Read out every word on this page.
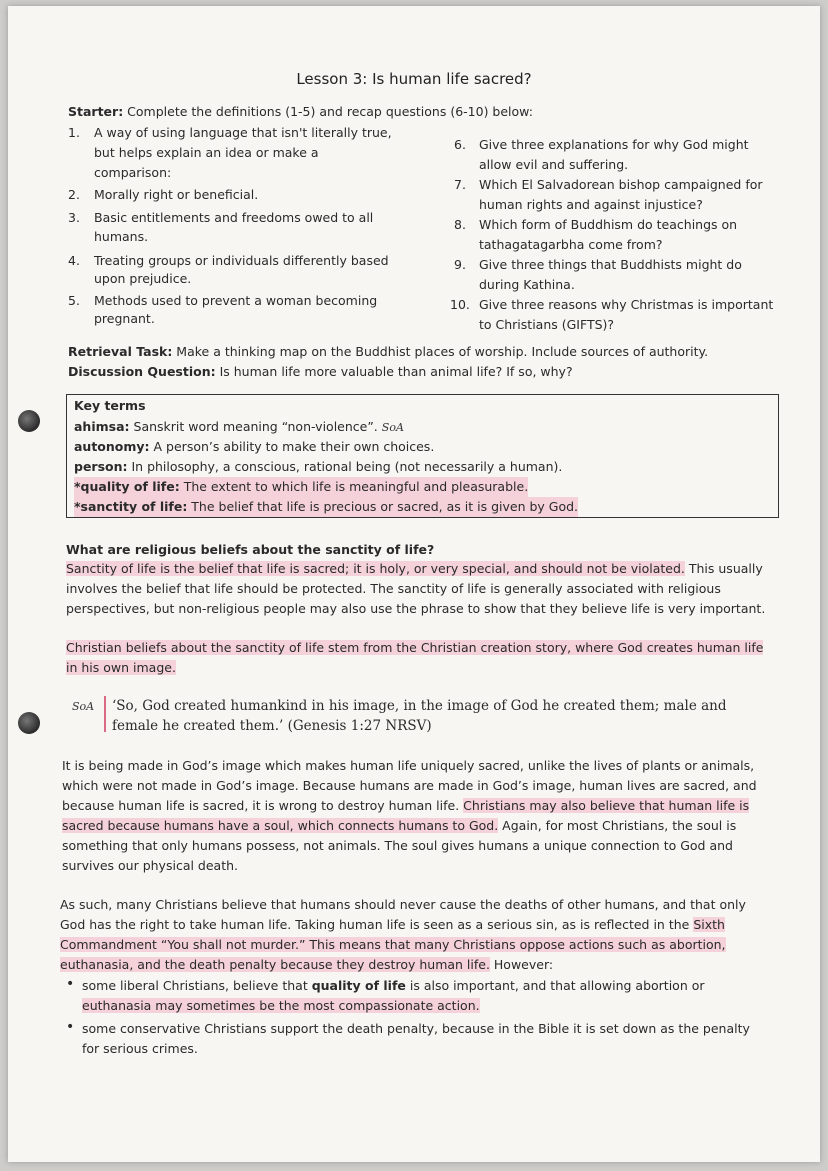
Lesson 3: Is human life sacred?
Starter: Complete the definitions (1-5) and recap questions (6-10) below:
1. A way of using language that isn't literally true,
but helps explain an idea or make a
comparison:
2. Morally right or beneficial.
3. Basic entitlements and freedoms owed to all
humans.
4. Treating groups or individuals differently based
upon prejudice.
5. Methods used to prevent a woman becoming
pregnant.
6. Give three explanations for why God might
allow evil and suffering.
7. Which El Salvadorean bishop campaigned for
human rights and against injustice?
8. Which form of Buddhism do teachings on
tathagatagarbha come from?
9. Give three things that Buddhists might do
during Kathina.
10. Give three reasons why Christmas is important
to Christians (GIFTS)?
Retrieval Task: Make a thinking map on the Buddhist places of worship. Include sources of authority.
Discussion Question: Is human life more valuable than animal life? If so, why?
Key terms
ahimsa: Sanskrit word meaning “non-violence”. SoA
autonomy: A person’s ability to make their own choices.
person: In philosophy, a conscious, rational being (not necessarily a human).
*quality of life: The extent to which life is meaningful and pleasurable.
*sanctity of life: The belief that life is precious or sacred, as it is given by God.
What are religious beliefs about the sanctity of life?
Sanctity of life is the belief that life is sacred; it is holy, or very special, and should not be violated. This usually
involves the belief that life should be protected. The sanctity of life is generally associated with religious
perspectives, but non-religious people may also use the phrase to show that they believe life is very important.
Christian beliefs about the sanctity of life stem from the Christian creation story, where God creates human life
in his own image.
SoA ‘So, God created humankind in his image, in the image of God he created them; male and
female he created them.’ (Genesis 1:27 NRSV)
It is being made in God’s image which makes human life uniquely sacred, unlike the lives of plants or animals,
which were not made in God’s image. Because humans are made in God’s image, human lives are sacred, and
because human life is sacred, it is wrong to destroy human life. Christians may also believe that human life is
sacred because humans have a soul, which connects humans to God. Again, for most Christians, the soul is
something that only humans possess, not animals. The soul gives humans a unique connection to God and
survives our physical death.
As such, many Christians believe that humans should never cause the deaths of other humans, and that only
God has the right to take human life. Taking human life is seen as a serious sin, as is reflected in the Sixth
Commandment “You shall not murder.” This means that many Christians oppose actions such as abortion,
euthanasia, and the death penalty because they destroy human life. However:
• some liberal Christians, believe that quality of life is also important, and that allowing abortion or
euthanasia may sometimes be the most compassionate action.
• some conservative Christians support the death penalty, because in the Bible it is set down as the penalty
for serious crimes.
